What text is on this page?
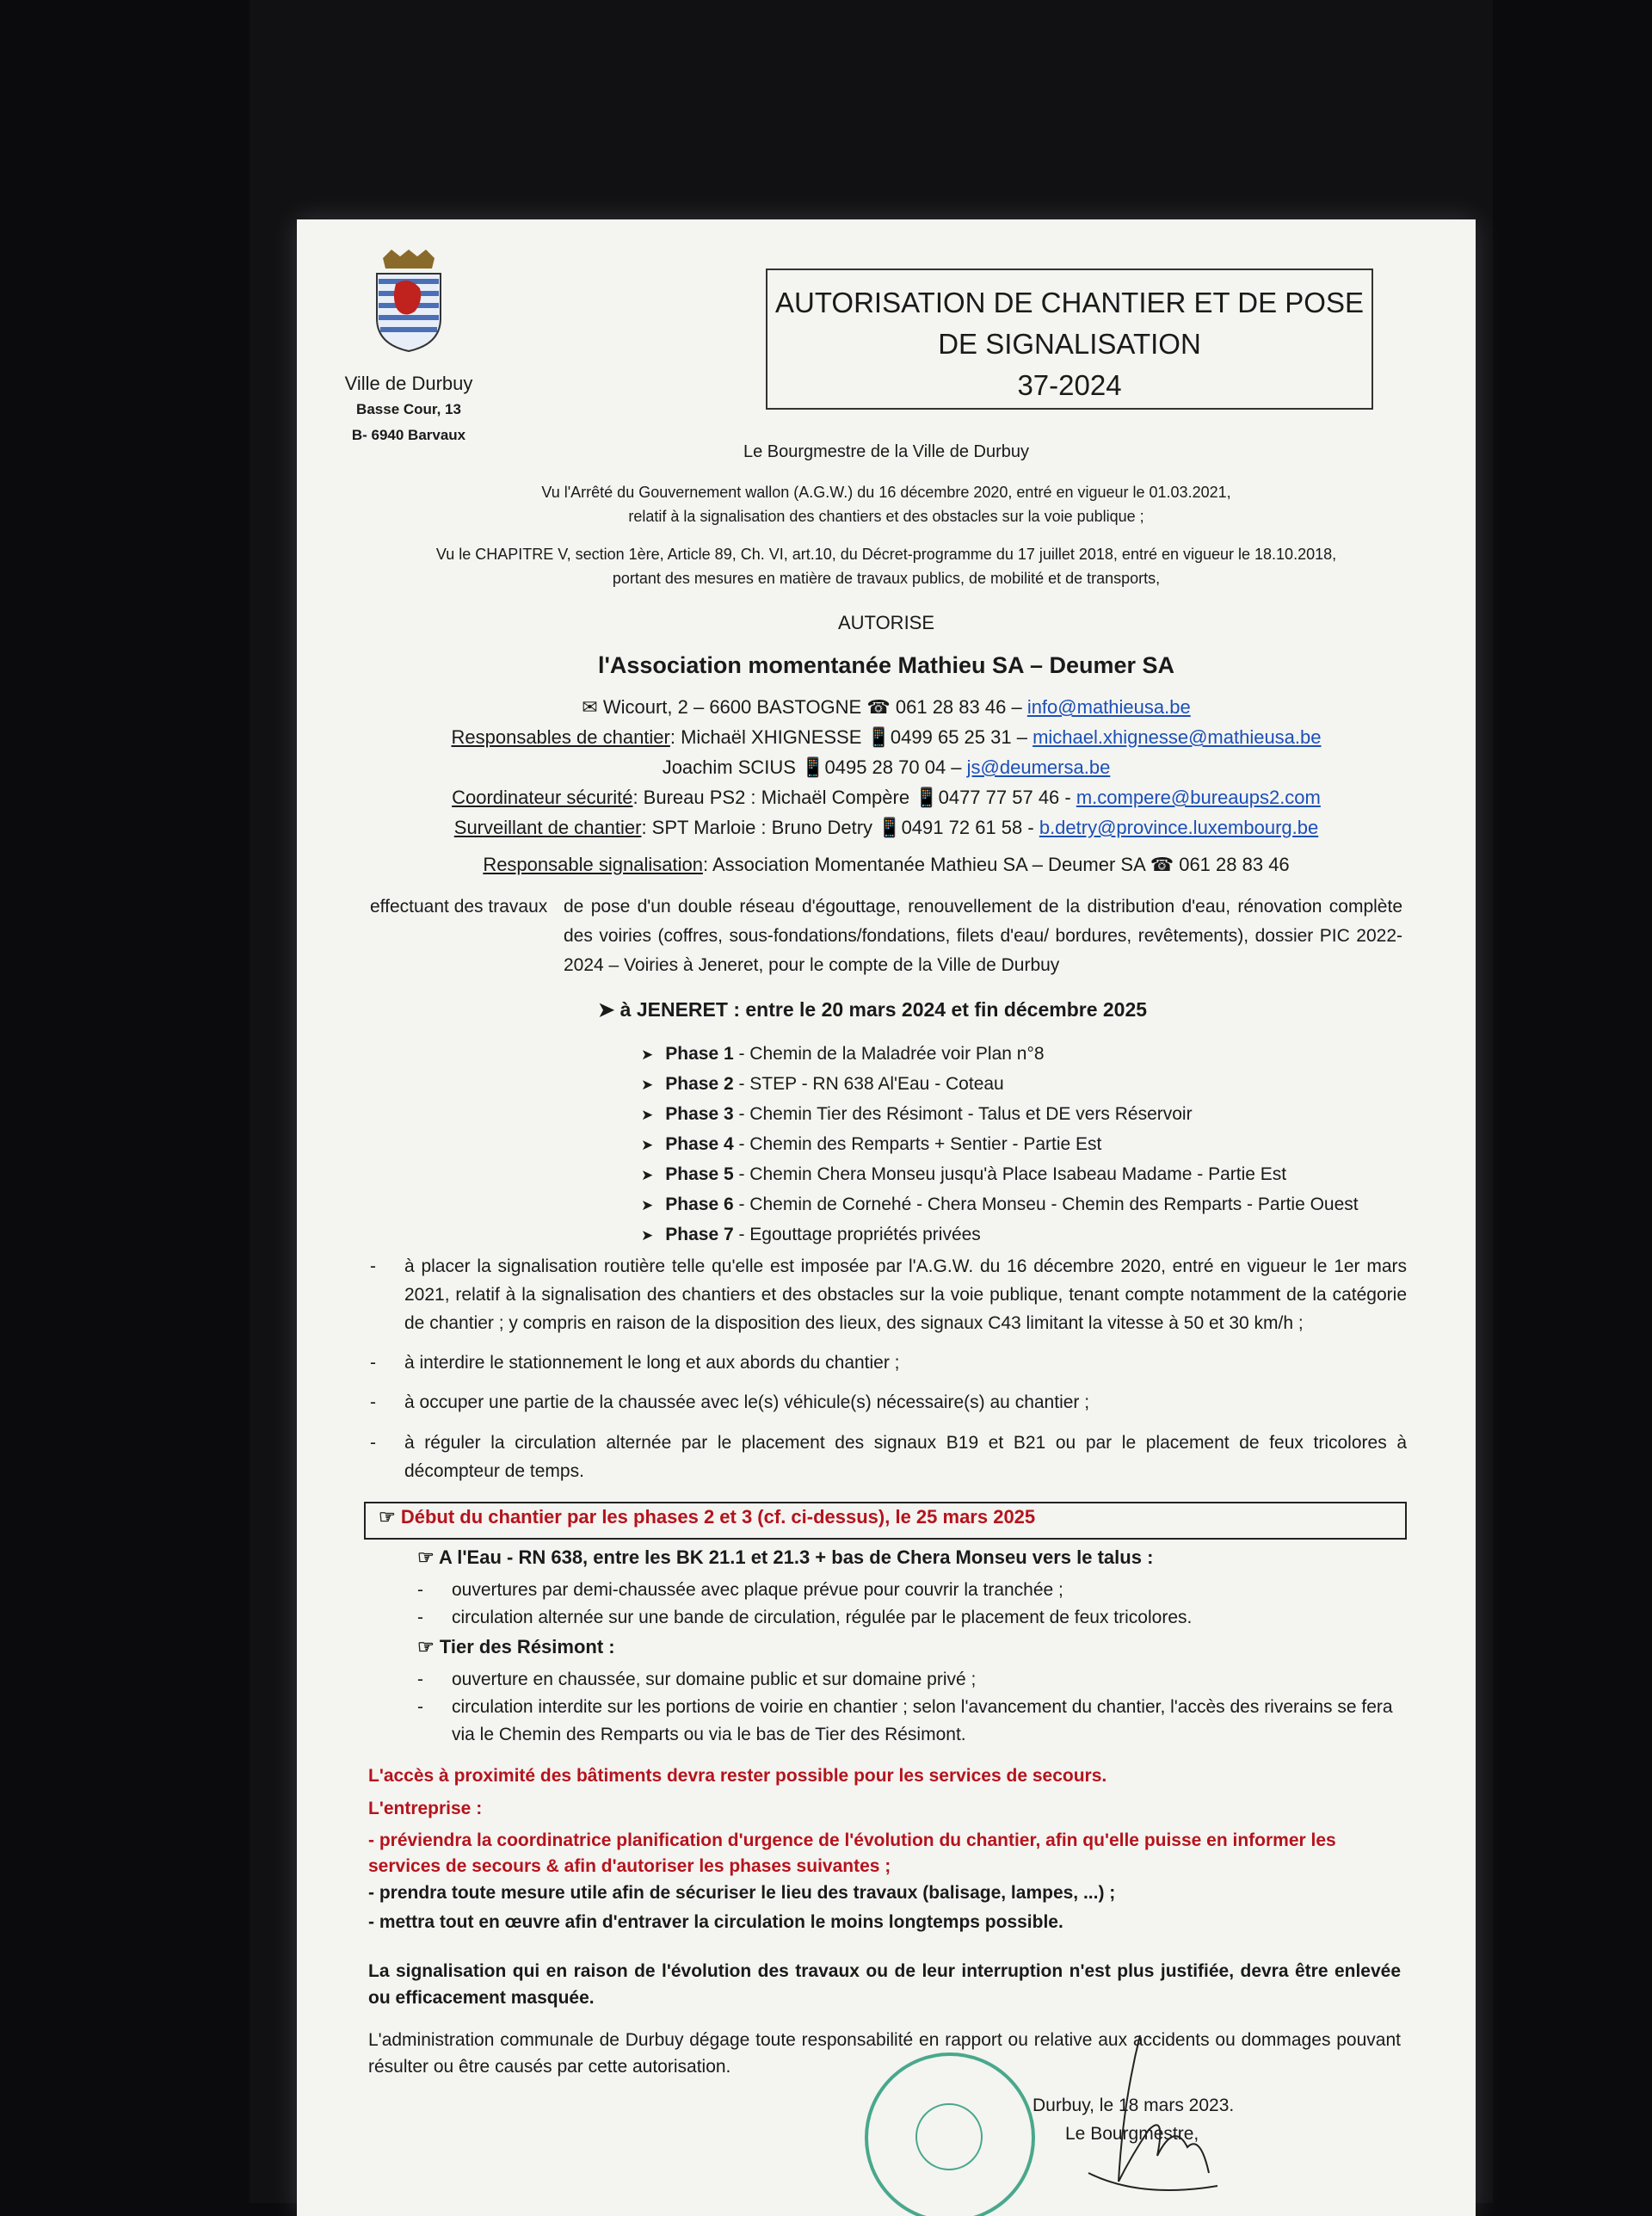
Ville de Durbuy
Basse Cour, 13
B- 6940 Barvaux
AUTORISATION DE CHANTIER ET DE POSE
DE SIGNALISATION
37-2024
Le Bourgmestre de la Ville de Durbuy
Vu l'Arrêté du Gouvernement wallon (A.G.W.) du 16 décembre 2020, entré en vigueur le 01.03.2021,
relatif à la signalisation des chantiers et des obstacles sur la voie publique ;
Vu le CHAPITRE V, section 1ère, Article 89, Ch. VI, art.10, du Décret-programme du 17 juillet 2018, entré en vigueur le 18.10.2018,
portant des mesures en matière de travaux publics, de mobilité et de transports,
AUTORISE
l'Association momentanée Mathieu SA – Deumer SA
✉ Wicourt, 2 – 6600 BASTOGNE ☎ 061 28 83 46 – info@mathieusa.be
Responsables de chantier: Michaël XHIGNESSE 📱0499 65 25 31 – michael.xhignesse@mathieusa.be
Joachim SCIUS 📱0495 28 70 04 – js@deumersa.be
Coordinateur sécurité: Bureau PS2 : Michaël Compère 📱0477 77 57 46 - m.compere@bureaups2.com
Surveillant de chantier: SPT Marloie : Bruno Detry 📱0491 72 61 58 - b.detry@province.luxembourg.be
Responsable signalisation: Association Momentanée Mathieu SA – Deumer SA ☎ 061 28 83 46
effectuant des travaux de pose d'un double réseau d'égouttage, renouvellement de la distribution d'eau, rénovation complète des voiries (coffres, sous-fondations/fondations, filets d'eau/ bordures, revêtements), dossier PIC 2022-2024 – Voiries à Jeneret, pour le compte de la Ville de Durbuy
➤ à JENERET : entre le 20 mars 2024 et fin décembre 2025
➤ Phase 1 - Chemin de la Maladrée voir Plan n°8
➤ Phase 2 - STEP - RN 638 Al'Eau - Coteau
➤ Phase 3 - Chemin Tier des Résimont - Talus et DE vers Réservoir
➤ Phase 4 - Chemin des Remparts + Sentier - Partie Est
➤ Phase 5 - Chemin Chera Monseu jusqu'à Place Isabeau Madame - Partie Est
➤ Phase 6 - Chemin de Cornehé - Chera Monseu - Chemin des Remparts - Partie Ouest
➤ Phase 7 - Egouttage propriétés privées
- à placer la signalisation routière telle qu'elle est imposée par l'A.G.W. du 16 décembre 2020, entré en vigueur le 1er mars 2021, relatif à la signalisation des chantiers et des obstacles sur la voie publique, tenant compte notamment de la catégorie de chantier ; y compris en raison de la disposition des lieux, des signaux C43 limitant la vitesse à 50 et 30 km/h ;
- à interdire le stationnement le long et aux abords du chantier ;
- à occuper une partie de la chaussée avec le(s) véhicule(s) nécessaire(s) au chantier ;
- à réguler la circulation alternée par le placement des signaux B19 et B21 ou par le placement de feux tricolores à décompteur de temps.
☞ Début du chantier par les phases 2 et 3 (cf. ci-dessus), le 25 mars 2025
☞ A l'Eau - RN 638, entre les BK 21.1 et 21.3 + bas de Chera Monseu vers le talus :
- ouvertures par demi-chaussée avec plaque prévue pour couvrir la tranchée ;
- circulation alternée sur une bande de circulation, régulée par le placement de feux tricolores.
☞ Tier des Résimont :
- ouverture en chaussée, sur domaine public et sur domaine privé ;
-	circulation interdite sur les portions de voirie en chantier ; selon l'avancement du chantier, l'accès des riverains se fera via le Chemin des Remparts ou via le bas de Tier des Résimont.
L'accès à proximité des bâtiments devra rester possible pour les services de secours.
L'entreprise :
- préviendra la coordinatrice planification d'urgence de l'évolution du chantier, afin qu'elle puisse en informer les services de secours & afin d'autoriser les phases suivantes ;
- prendra toute mesure utile afin de sécuriser le lieu des travaux (balisage, lampes, ...) ;
- mettra tout en œuvre afin d'entraver la circulation le moins longtemps possible.
La signalisation qui en raison de l'évolution des travaux ou de leur interruption n'est plus justifiée, devra être enlevée ou efficacement masquée.
L'administration communale de Durbuy dégage toute responsabilité en rapport ou relative aux accidents ou dommages pouvant résulter ou être causés par cette autorisation.
Durbuy, le 18 mars 2023.
Le Bourgmestre,
